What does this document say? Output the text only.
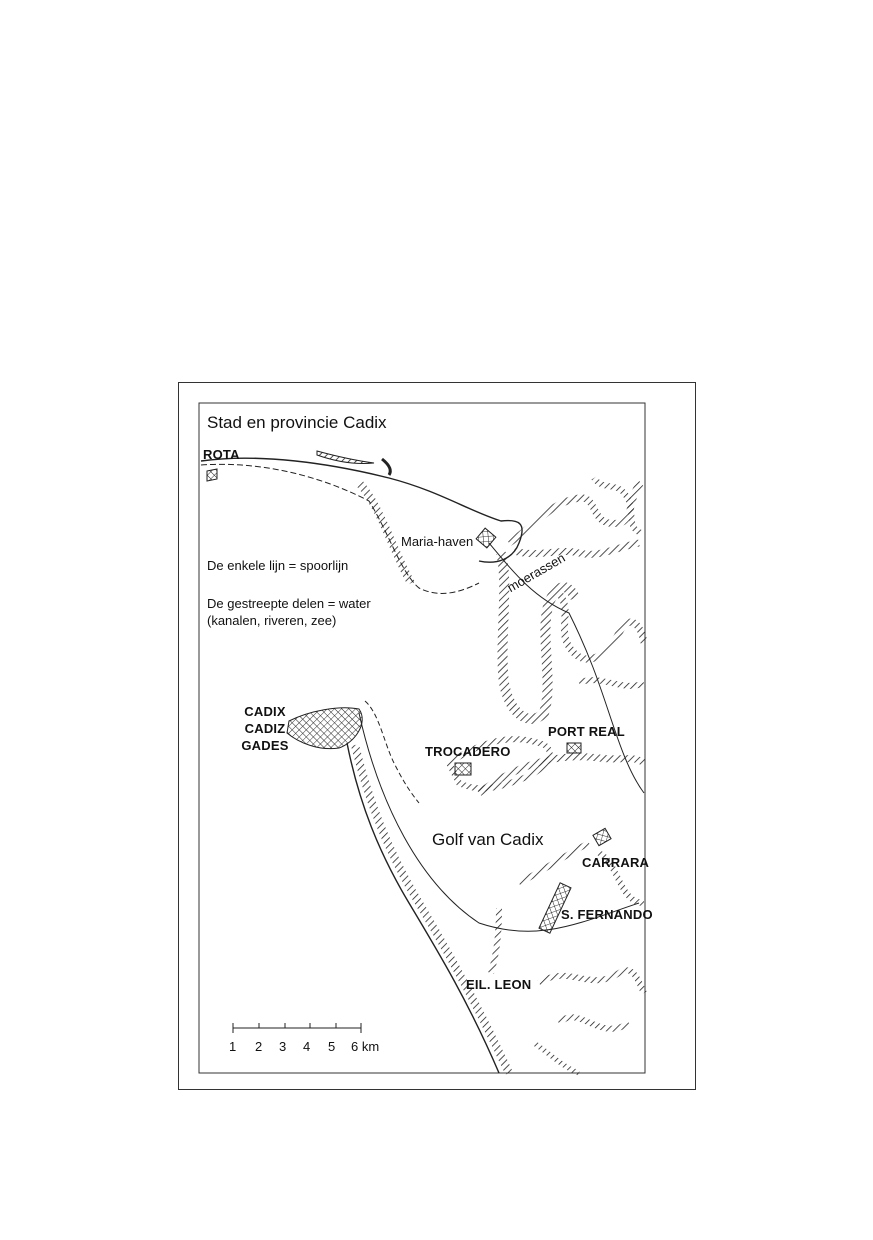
Stad en provincie Cadix
De enkele lijn = spoorlijn
De gestreepte delen = water
(kanalen, riveren, zee)
ROTA
Maria-haven
moerassen
CADIX
CADIZ
GADES	TROCADERO
PORT REAL
Golf van Cadix
CARRARA
S. FERNANDO
EIL. LEON
1 2 3 4 5 6 km
